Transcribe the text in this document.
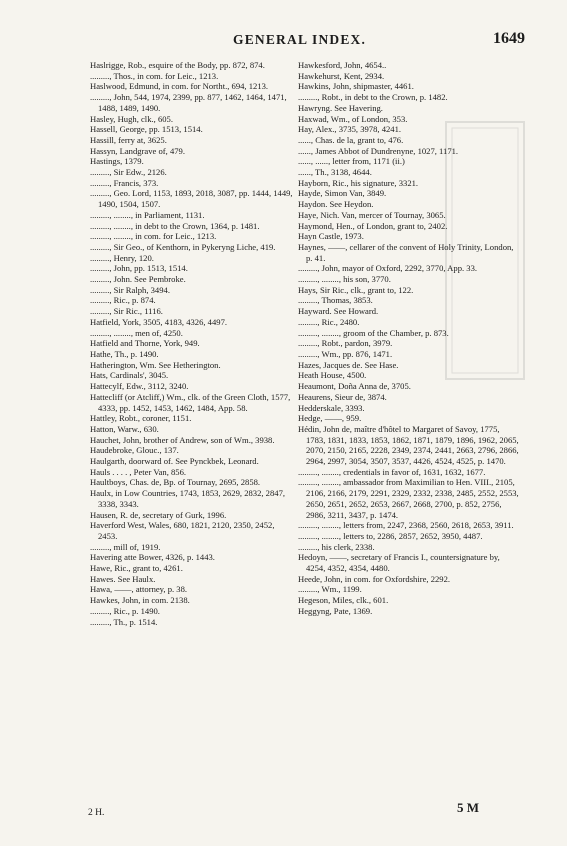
GENERAL INDEX.	1649
Haslrigge, Rob., esquire of the Body, pp. 872, 874.
........., Thos., in com. for Leic., 1213.
Haslwood, Edmund, in com. for Northt., 694, 1213.
........., John, 544, 1974, 2399, pp. 877, 1462, 1464, 1471, 1488, 1489, 1490.
Hasley, Hugh, clk., 605.
Hassell, George, pp. 1513, 1514.
Hassill, ferry at, 3625.
Hassyn, Landgrave of, 479.
Hastings, 1379.
........., Sir Edw., 2126.
........., Francis, 373.
........., Geo. Lord, 1153, 1893, 2018, 3087, pp. 1444, 1449, 1490, 1504, 1507.
........., ........, in Parliament, 1131.
........., ........, in debt to the Crown, 1364, p. 1481.
........., ........, in com. for Leic., 1213.
........., Sir Geo., of Kenthorn, in Pykeryng Liche, 419.
........., Henry, 120.
........., John, pp. 1513, 1514.
........., John. See Pembroke.
........., Sir Ralph, 3494.
........., Ric., p. 874.
........., Sir Ric., 1116.
Hatfield, York, 3505, 4183, 4326, 4497.
........., ........, men of, 4250.
Hatfield and Thorne, York, 949.
Hathe, Th., p. 1490.
Hatherington, Wm. See Hetherington.
Hats, Cardinals', 3045.
Hattecylf, Edw., 3112, 3240.
Hattecliff (or Atcliff,) Wm., clk. of the Green Cloth, 1577, 4333, pp. 1452, 1453, 1462, 1484, App. 58.
Hattley, Robt., coroner, 1151.
Hatton, Warw., 630.
Hauchet, John, brother of Andrew, son of Wm., 3938.
Haudebroke, Glouc., 137.
Haulgarth, doorward of. See Pynckbek, Leonard.
Hauls . . . . , Peter Van, 856.
Haultboys, Chas. de, Bp. of Tournay, 2695, 2858.
Haulx, in Low Countries, 1743, 1853, 2629, 2832, 2847, 3338, 3343.
Hausen, R. de, secretary of Gurk, 1996.
Haverford West, Wales, 680, 1821, 2120, 2350, 2452, 2453.
........., mill of, 1919.
Havering atte Bower, 4326, p. 1443.
Hawe, Ric., grant to, 4261.
Hawes. See Haulx.
Hawa, ——, attorney, p. 38.
Hawkes, John, in com. 2138.
........., Ric., p. 1490.
........., Th., p. 1514.
Hawkesford, John, 4654..
Hawkehurst, Kent, 2934.
Hawkins, John, shipmaster, 4461.
........., Robt., in debt to the Crown, p. 1482.
Hawryng. See Havering.
Haxwad, Wm., of London, 353.
Hay, Alex., 3735, 3978, 4241.
......, Chas. de la, grant to, 476.
......, James Abbot of Dundrenyne, 1027, 1171.
......, ......, letter from, 1171 (ii.)
......, Th., 3138, 4644.
Hayborn, Ric., his signature, 3321.
Hayde, Simon Van, 3849.
Haydon. See Heydon.
Haye, Nich. Van, mercer of Tournay, 3065.
Haymond, Hen., of London, grant to, 2402.
Hayn Castle, 1973.
Haynes, ——, cellarer of the convent of Holy Trinity, London, p. 41.
........., John, mayor of Oxford, 2292, 3770, App. 33.
........., ........, his son, 3770.
Hays, Sir Ric., clk., grant to, 122.
........., Thomas, 3853.
Hayward. See Howard.
........., Ric., 2480.
........., ........, groom of the Chamber, p. 873.
........., Robt., pardon, 3979.
........., Wm., pp. 876, 1471.
Hazes, Jacques de. See Hase.
Heath House, 4500.
Heaumont, Doña Anna de, 3705.
Heaurens, Sieur de, 3874.
Hedderskale, 3393.
Hedge, ——, 959.
Hédin, John de, maître d'hôtel to Margaret of Savoy, 1775, 1783, 1831, 1833, 1853, 1862, 1871, 1879, 1896, 1962, 2065, 2070, 2150, 2165, 2228, 2349, 2374, 2441, 2663, 2796, 2866, 2964, 2997, 3054, 3507, 3537, 4426, 4524, 4525, p. 1470.
........., ........, credentials in favor of, 1631, 1632, 1677.
........., ........, ambassador from Maximilian to Hen. VIII., 2105, 2106, 2166, 2179, 2291, 2329, 2332, 2338, 2485, 2552, 2553, 2650, 2651, 2652, 2653, 2667, 2668, 2700, p. 852, 2756, 2986, 3211, 3437, p. 1474.
........., ........, letters from, 2247, 2368, 2560, 2618, 2653, 3911.
........., ........, letters to, 2286, 2857, 2652, 3950, 4487.
........., his clerk, 2338.
Hedoyn, ——, secretary of Francis I., countersignature by, 4254, 4352, 4354, 4480.
Heede, John, in com. for Oxfordshire, 2292.
........., Wm., 1199.
Hegeson, Miles, clk., 601.
Heggyng, Pate, 1369.
2 H.	5 M
